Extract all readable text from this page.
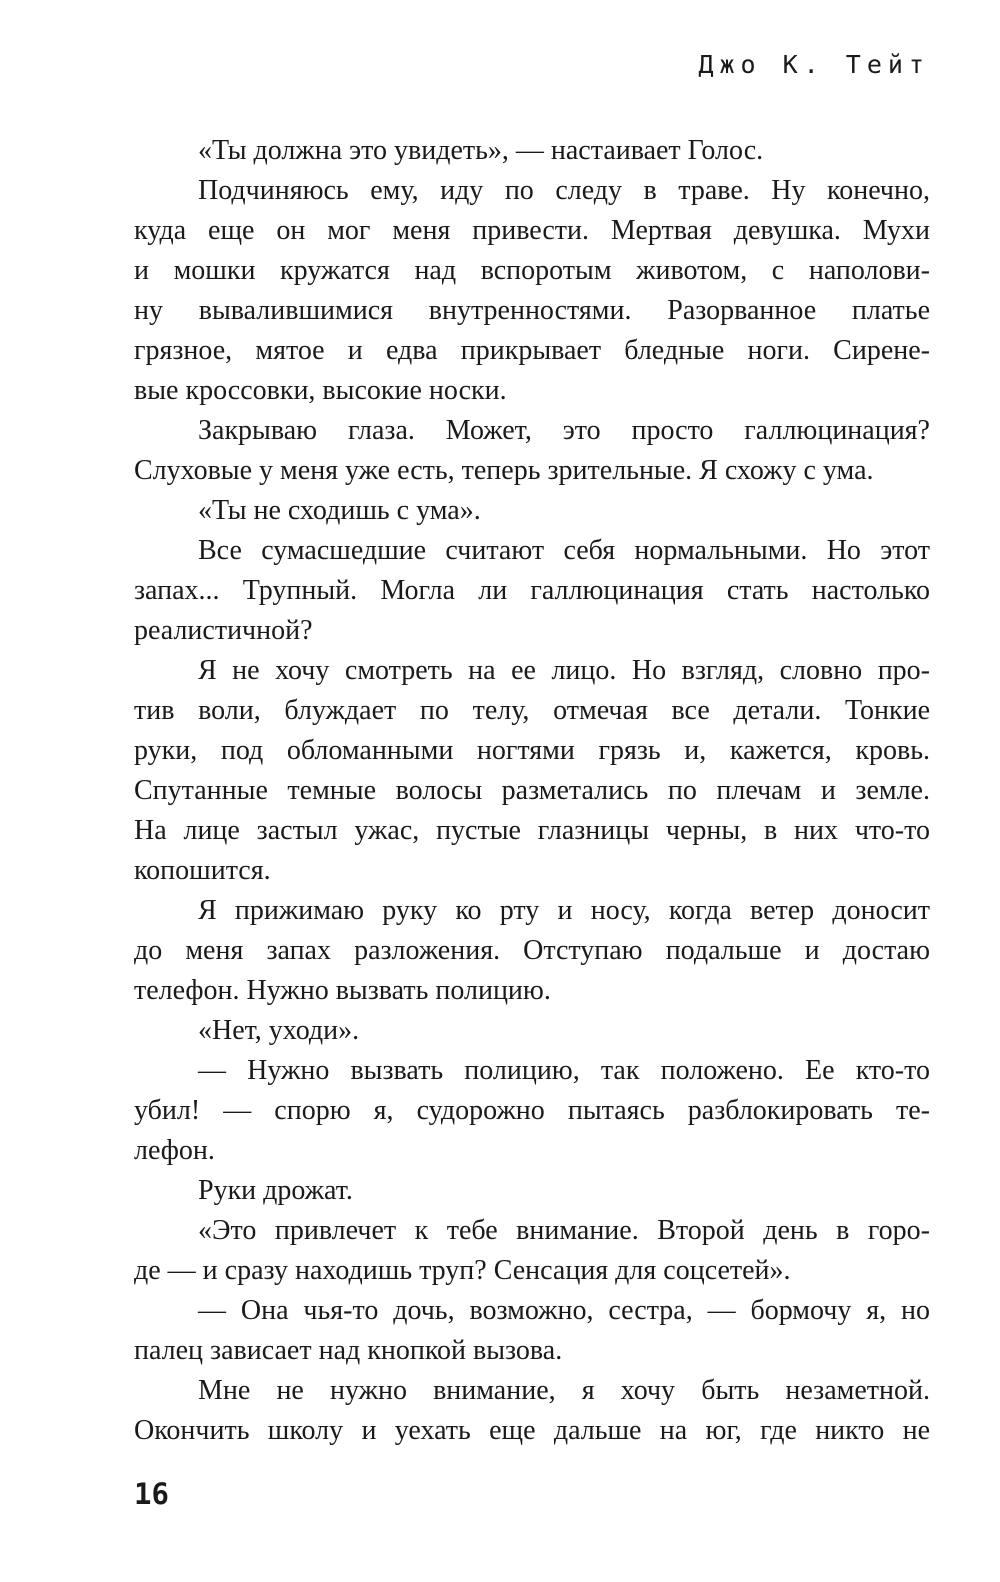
Джо К. Тейт

«Ты должна это увидеть», — настаивает Голос.

Подчиняюсь ему, иду по следу в траве. Ну конечно,

куда еще он мог меня привести. Мертвая девушка. Мухи

и мошки кружатся над вспоротым животом, с наполови-

ну вывалившимися внутренностями. Разорванное платье

грязное, мятое и едва прикрывает бледные ноги. Сирене-

вые кроссовки, высокие носки.

Закрываю глаза. Может, это просто галлюцинация?

Слуховые у меня уже есть, теперь зрительные. Я схожу с ума.

«Ты не сходишь с ума».

Все сумасшедшие считают себя нормальными. Но этот

запах... Трупный. Могла ли галлюцинация стать настолько

реалистичной?

Я не хочу смотреть на ее лицо. Но взгляд, словно про-

тив воли, блуждает по телу, отмечая все детали. Тонкие

руки, под обломанными ногтями грязь и, кажется, кровь.

Спутанные темные волосы разметались по плечам и земле.

На лице застыл ужас, пустые глазницы черны, в них что-то

копошится.

Я прижимаю руку ко рту и носу, когда ветер доносит

до меня запах разложения. Отступаю подальше и достаю

телефон. Нужно вызвать полицию.

«Нет, уходи».

— Нужно вызвать полицию, так положено. Ее кто-то

убил! — спорю я, судорожно пытаясь разблокировать те-

лефон.

Руки дрожат.

«Это привлечет к тебе внимание. Второй день в горо-

де — и сразу находишь труп? Сенсация для соцсетей».

— Она чья-то дочь, возможно, сестра, — бормочу я, но

палец зависает над кнопкой вызова.

Мне не нужно внимание, я хочу быть незаметной.

Окончить школу и уехать еще дальше на юг, где никто не

16
